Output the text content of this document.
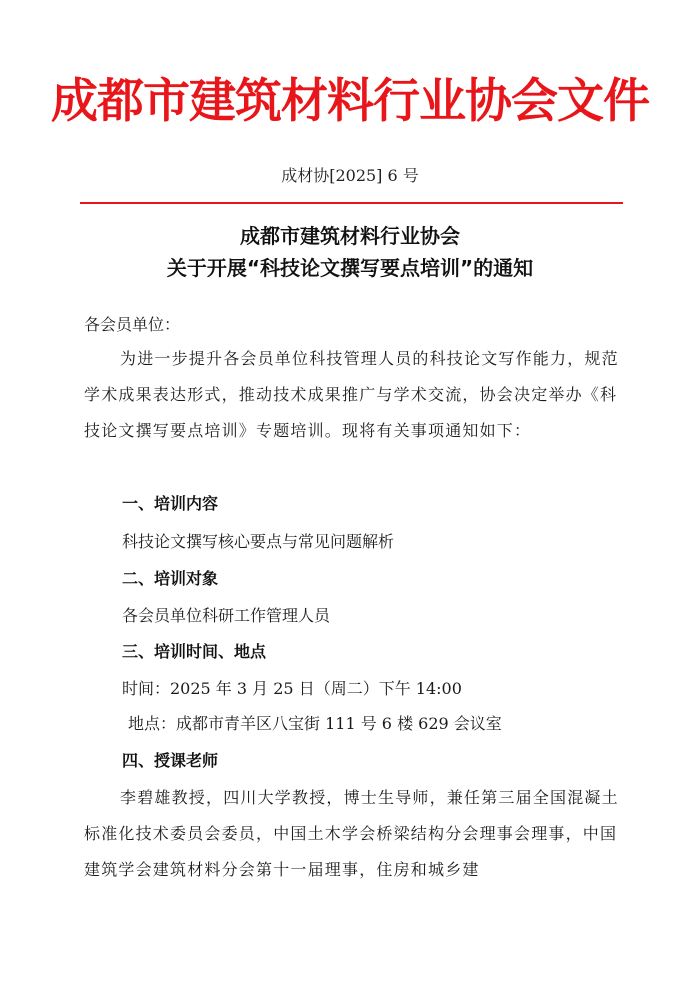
成都市建筑材料行业协会文件
成材协[2025] 6 号
成都市建筑材料行业协会
关于开展“科技论文撰写要点培训”的通知
各会员单位：
为进一步提升各会员单位科技管理人员的科技论文写作能力，规范学术成果表达形式，推动技术成果推广与学术交流，协会决定举办《科技论文撰写要点培训》专题培训。现将有关事项通知如下：
一、培训内容
科技论文撰写核心要点与常见问题解析
二、培训对象
各会员单位科研工作管理人员
三、培训时间、地点
时间：2025 年 3 月 25 日（周二）下午 14:00
地点：成都市青羊区八宝街 111 号 6 楼 629 会议室
四、授课老师
李碧雄教授，四川大学教授，博士生导师，兼任第三届全国混凝土标准化技术委员会委员，中国土木学会桥梁结构分会理事会理事，中国建筑学会建筑材料分会第十一届理事，住房和城乡建
